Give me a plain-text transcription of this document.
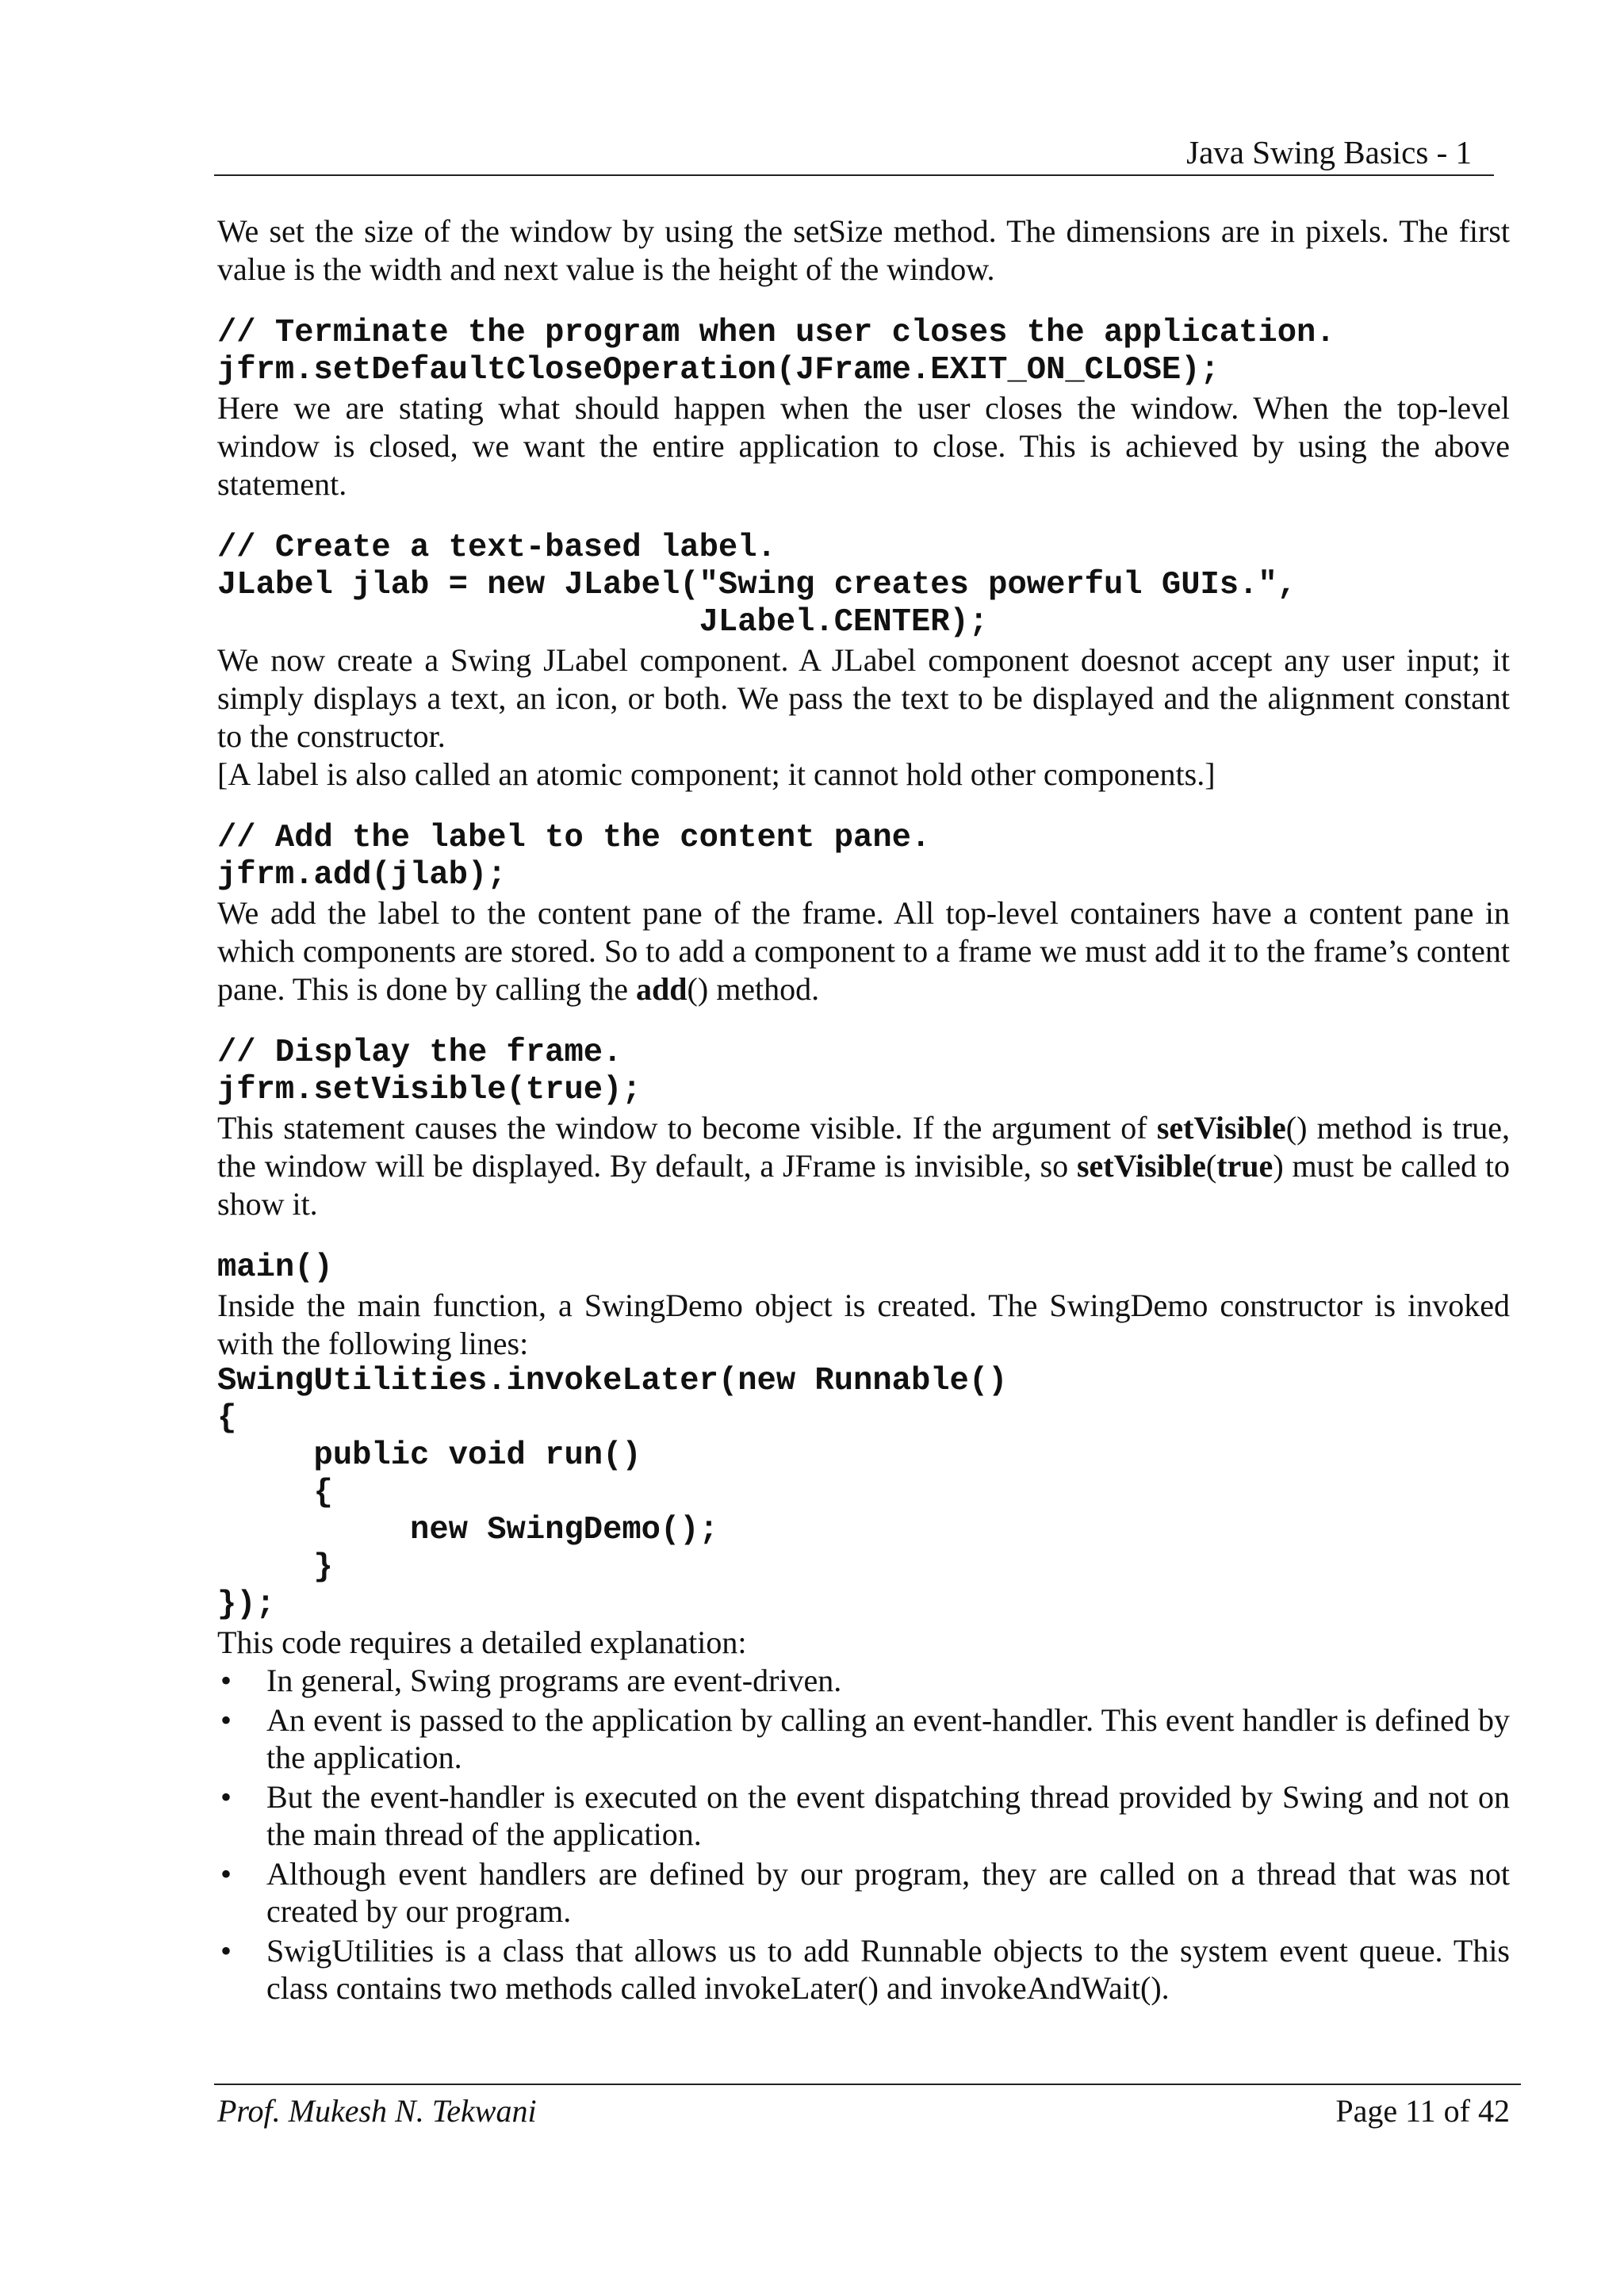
Java Swing Basics - 1

We set the size of the window by using the setSize method. The dimensions are in pixels. The first value is the width and next value is the height of the window.

// Terminate the program when user closes the application.
jfrm.setDefaultCloseOperation(JFrame.EXIT_ON_CLOSE);

Here we are stating what should happen when the user closes the window. When the top-level window is closed, we want the entire application to close. This is achieved by using the above statement.

// Create a text-based label.
JLabel jlab = new JLabel("Swing creates powerful GUIs.",
JLabel.CENTER);

We now create a Swing JLabel component. A JLabel component doesnot accept any user input; it simply displays a text, an icon, or both. We pass the text to be displayed and the alignment constant to the constructor.

[A label is also called an atomic component; it cannot hold other components.]

// Add the label to the content pane.
jfrm.add(jlab);

We add the label to the content pane of the frame. All top-level containers have a content pane in which components are stored. So to add a component to a frame we must add it to the frame’s content pane. This is done by calling the add() method.

// Display the frame.
jfrm.setVisible(true);

This statement causes the window to become visible. If the argument of setVisible() method is true, the window will be displayed. By default, a JFrame is invisible, so setVisible(true) must be called to show it.

main()

Inside the main function, a SwingDemo object is created. The SwingDemo constructor is invoked with the following lines:

SwingUtilities.invokeLater(new Runnable()
{
public void run()
{
new SwingDemo();
}
});

This code requires a detailed explanation:

• In general, Swing programs are event-driven.
• An event is passed to the application by calling an event-handler. This event handler is defined by the application.
• But the event-handler is executed on the event dispatching thread provided by Swing and not on the main thread of the application.
• Although event handlers are defined by our program, they are called on a thread that was not created by our program.
• SwigUtilities is a class that allows us to add Runnable objects to the system event queue. This class contains two methods called invokeLater() and invokeAndWait().
Prof. Mukesh N. Tekwani	Page 11 of 42
